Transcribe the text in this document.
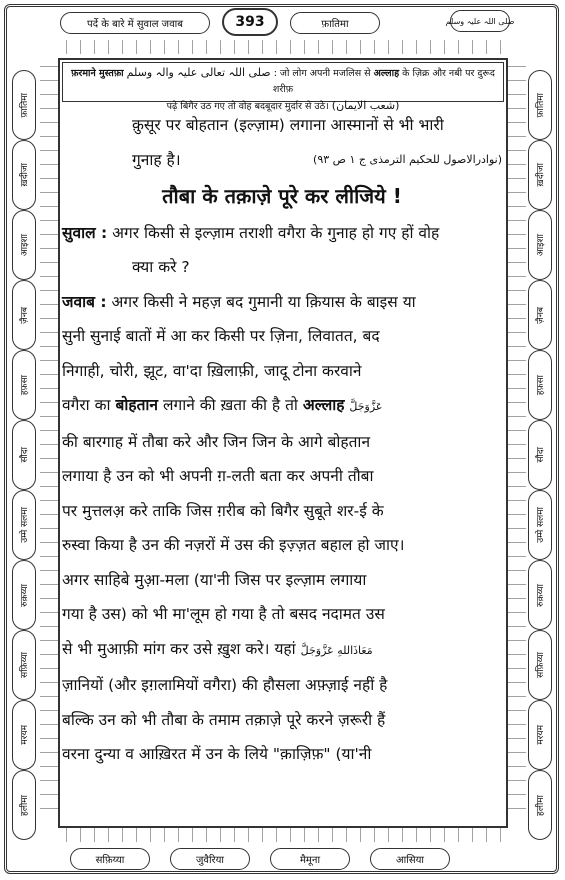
पर्दे के बारे में सुवाल जवाब	393	फ़ातिमा	صلی اللہ علیہ وسلم
फ़ातिमा
ख़दीजा
आइशा
ज़ैनब
हफ़सा
सौदा
उम्मे सलमा
रुक़य्या
सफ़िय्या
मरयम
हलीमा
फ़ातिमा
ख़दीजा
आइशा
ज़ैनब
हफ़सा
सौदा
उम्मे सलमा
रुक़य्या
सफ़िय्या
मरयम
हलीमा
फ़रमाने मुस्तफ़ा صلی اللہ تعالی علیہ والہ وسلم : जो लोग अपनी मजलिस से अल्लाह के ज़िक्र और नबी पर दुरूद शरीफ़
पढ़े बिगैर उठ गए तो वोह बदबूदार मुर्दार से उठे। (شعب الایمان)
क़ुसूर पर बोहतान (इल्ज़ाम) लगाना आस्मानों से भी भारी
गुनाह है।	(نوادرالاصول للحکیم الترمذی ج ۱ ص ۹۳)
तौबा के तक़ाज़े पूरे कर लीजिये !
सुवाल : अगर किसी से इल्ज़ाम तराशी वगैरा के गुनाह हो गए हों वोह
क्या करे ?
जवाब : अगर किसी ने महज़ बद गुमानी या क़ियास के बाइस या
सुनी सुनाई बातों में आ कर किसी पर ज़िना, लिवातत, बद
निगाही, चोरी, झूट, वा'दा ख़िलाफ़ी, जादू टोना करवाने
वगैरा का बोहतान लगाने की ख़ता की है तो अल्लाह عَزَّوَجَلَّ
की बारगाह में तौबा करे और जिन जिन के आगे बोहतान
लगाया है उन को भी अपनी ग़-लती बता कर अपनी तौबा
पर मुत्तलअ़ करे ताकि जिस ग़रीब को बिगैर सुबूते शर-ई के
रुस्वा किया है उन की नज़रों में उस की इज़्ज़त बहाल हो जाए।
अगर साहिबे मुआ़-मला (या'नी जिस पर इल्ज़ाम लगाया
गया है उस) को भी मा'लूम हो गया है तो बसद नदामत उस
से भी मुआफ़ी मांग कर उसे ख़ुश करे। यहां مَعَاذَاللهِ عَزَّوَجَلَّ
ज़ानियों (और इग़लामियों वगैरा) की हौसला अफ़्ज़ाई नहीं है
बल्कि उन को भी तौबा के तमाम तक़ाज़े पूरे करने ज़रूरी हैं
वरना दुन्या व आख़िरत में उन के लिये "क़ाज़िफ़" (या'नी
सफ़िय्या	जुवैरिया	मैमूना	आसिया
